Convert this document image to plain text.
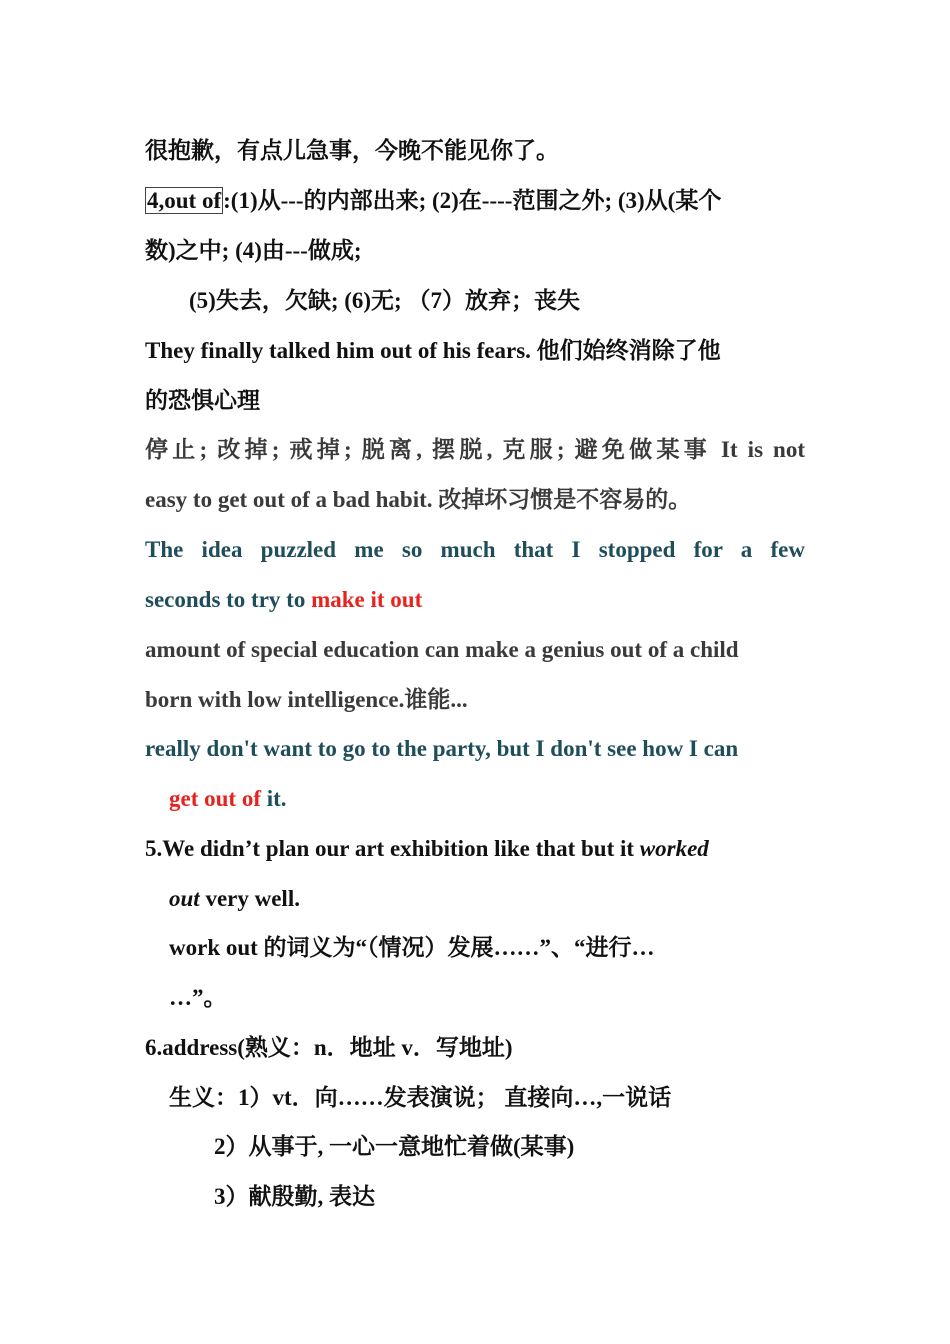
很抱歉，有点儿急事，今晚不能见你了。
4,out of:(1)从---的内部出来; (2)在----范围之外; (3)从(某个
数)之中; (4)由---做成;
(5)失去，欠缺; (6)无; （7）放弃；丧失
They finally talked him out of his fears. 他们始终消除了他
的恐惧心理
停止; 改掉; 戒掉; 脱离, 摆脱, 克服; 避免做某事 It is not
easy to get out of a bad habit. 改掉坏习惯是不容易的。
The idea puzzled me so much that I stopped for a few
seconds to try to make it out
amount of special education can make a genius out of a child
born with low intelligence.谁能...
really don't want to go to the party, but I don't see how I can
get out of it.
5.We didn’t plan our art exhibition like that but it worked
out very well.
work out 的词义为“（情况）发展……”、“进行…
…”。
6.address(熟义：n．地址 v．写地址)
生义：1）vt．向……发表演说； 直接向…,一说话
2）从事于, 一心一意地忙着做(某事)
3）献殷勤, 表达
